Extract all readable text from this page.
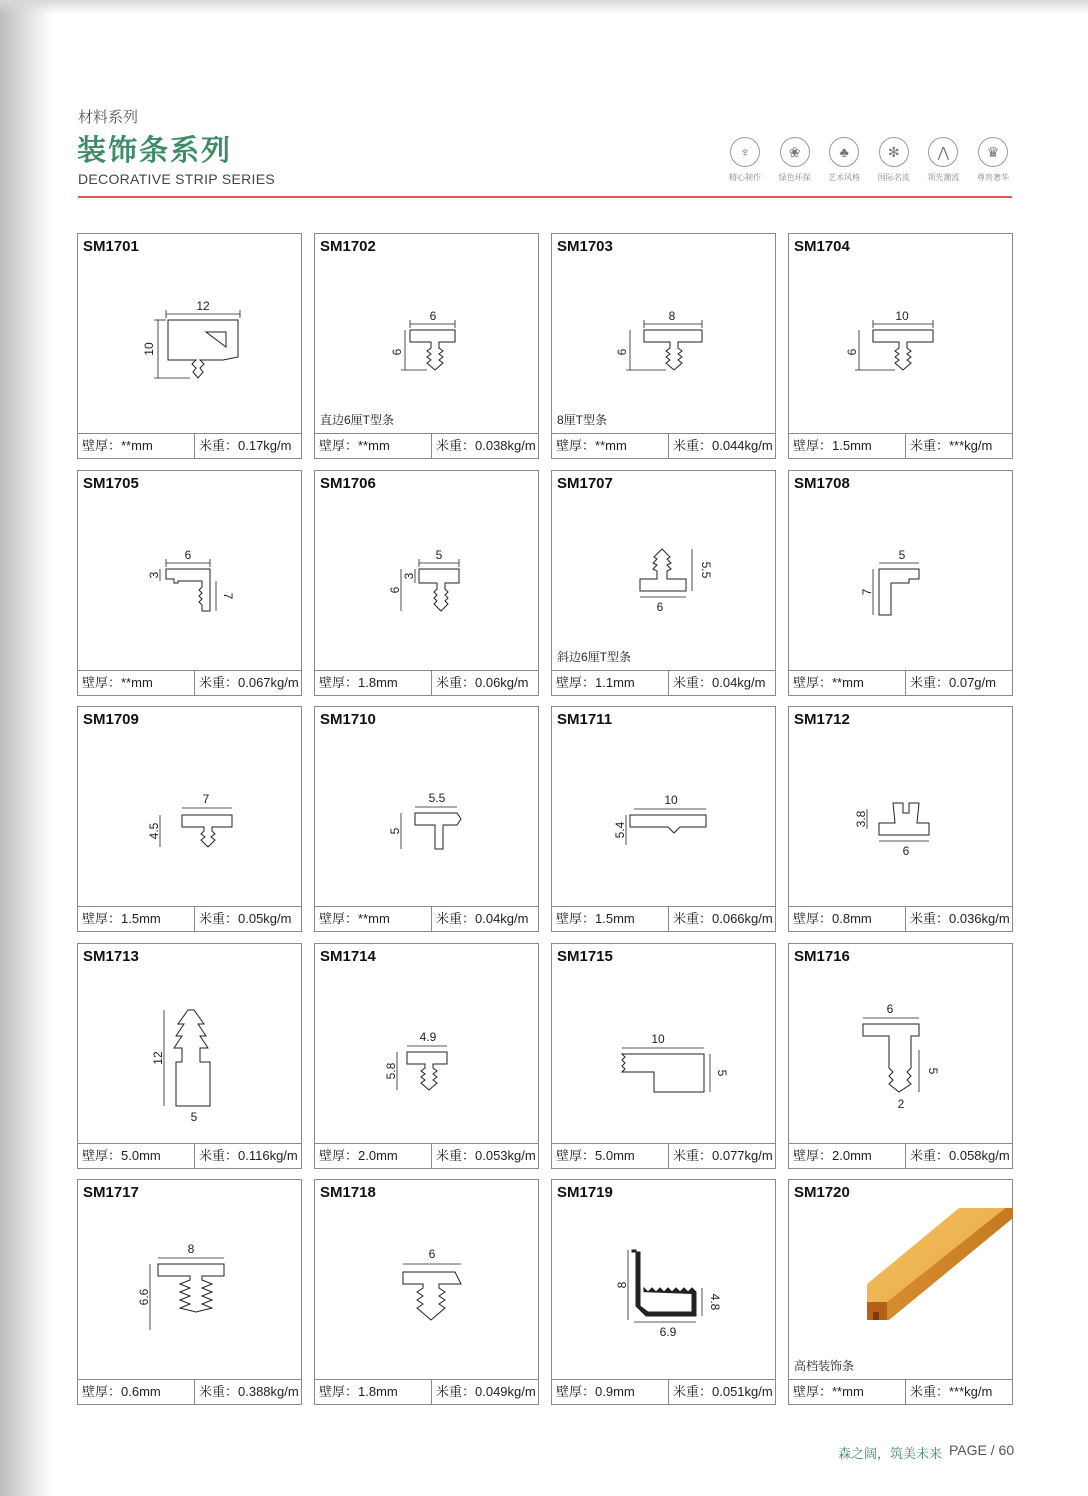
材料系列
装饰条系列
DECORATIVE STRIP SERIES
♆
精心制作
❀
绿色环保
♣
艺术风格
✻
国际名流
⋀
领先潮流
♛
尊贵奢华
SM1701
12
10
壁厚：**mm	米重：0.17kg/m
SM1702
6
6
直边6厘T型条
壁厚：**mm	米重：0.038kg/m
SM1703
8
6
8厘T型条
壁厚：**mm	米重：0.044kg/m
SM1704
10
6
壁厚：1.5mm	米重：***kg/m
SM1705
6
3
7
壁厚：**mm	米重：0.067kg/m
SM1706
5
6
3
壁厚：1.8mm	米重：0.06kg/m
SM1707
5.5
6
斜边6厘T型条
壁厚：1.1mm	米重：0.04kg/m
SM1708
5
7
壁厚：**mm	米重：0.07g/m
SM1709
7
4.5
壁厚：1.5mm	米重：0.05kg/m
SM1710
5.5
5
壁厚：**mm	米重：0.04kg/m
SM1711
10
5.4
壁厚：1.5mm	米重：0.066kg/m
SM1712
3.8
6
壁厚：0.8mm	米重：0.036kg/m
SM1713
12
5
壁厚：5.0mm	米重：0.116kg/m
SM1714
4.9
5.8
壁厚：2.0mm	米重：0.053kg/m
SM1715
10
5
壁厚：5.0mm	米重：0.077kg/m
SM1716
6
5
2
壁厚：2.0mm	米重：0.058kg/m
SM1717
8
6.6
壁厚：0.6mm	米重：0.388kg/m
SM1718
6
壁厚：1.8mm	米重：0.049kg/m
SM1719
8
4.8
6.9
壁厚：0.9mm	米重：0.051kg/m
SM1720
高档装饰条
壁厚：**mm	米重：***kg/m
森之阔，筑美未来 PAGE / 60
